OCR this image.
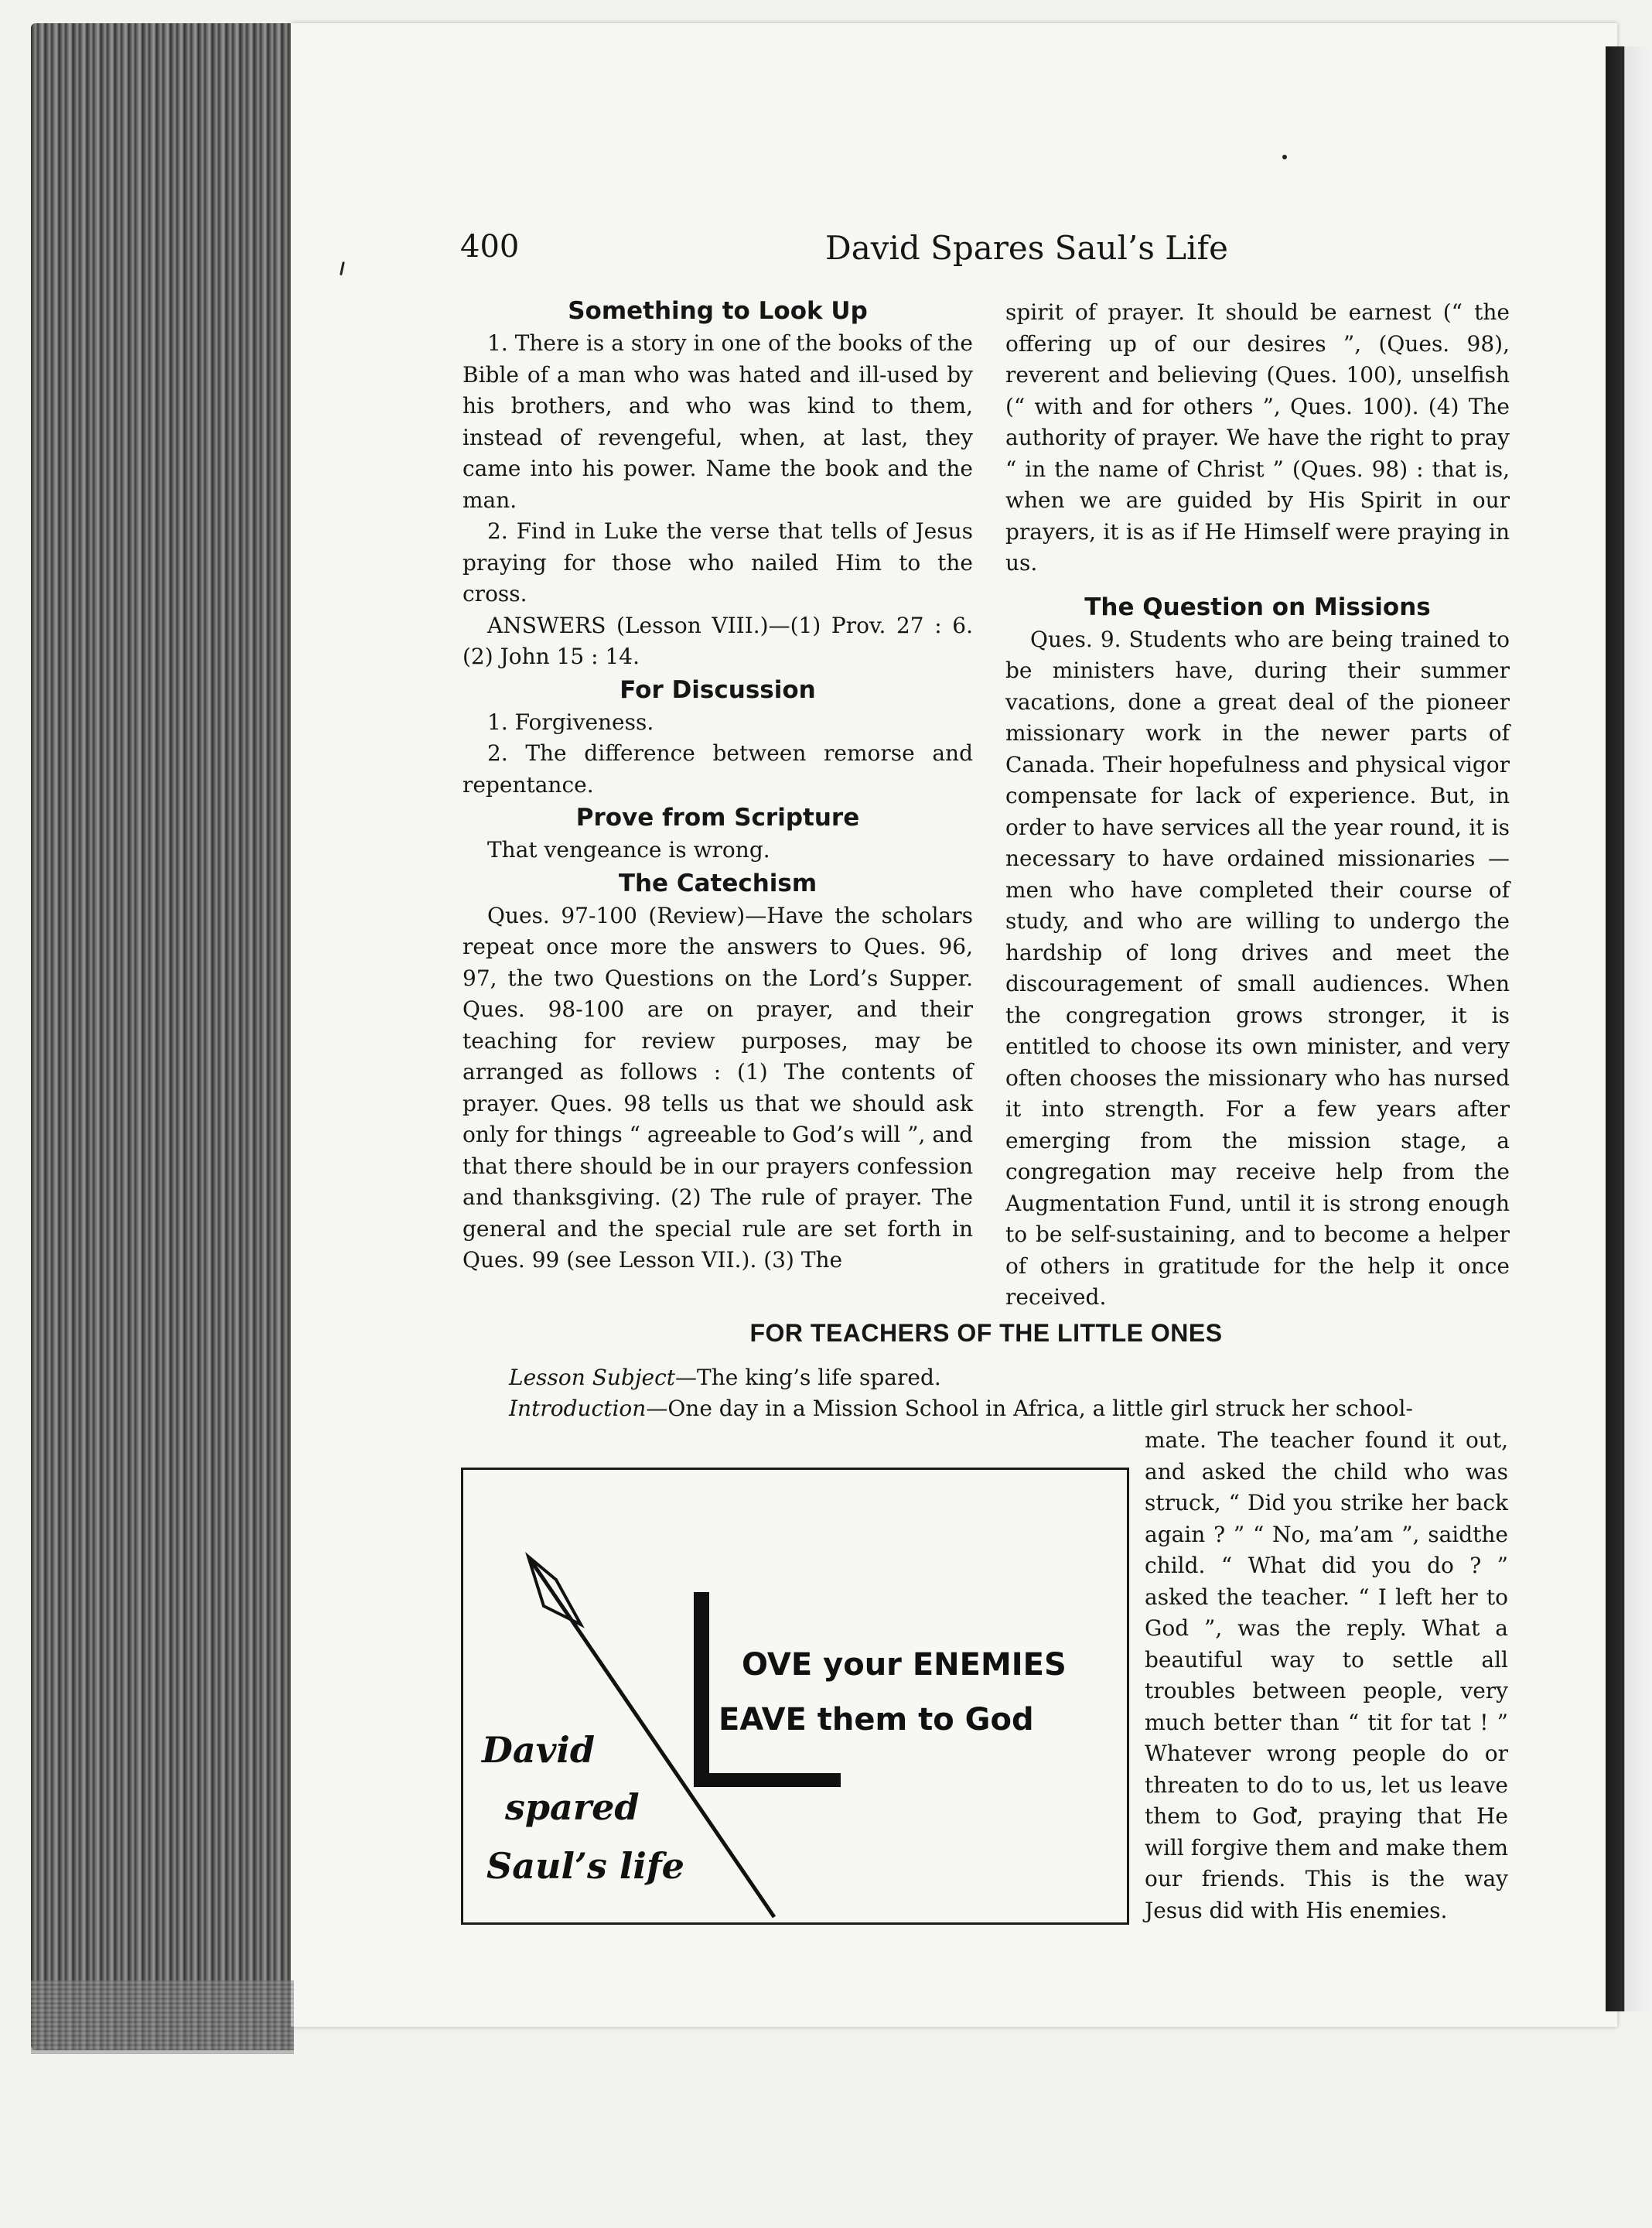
400	David Spares Saul’s Life
Something to Look Up

1. There is a story in one of the books of the Bible of a man who was hated and ill-used by his brothers, and who was kind to them, instead of revengeful, when, at last, they came into his power. Name the book and the man.

2. Find in Luke the verse that tells of Jesus praying for those who nailed Him to the cross.

ANSWERS (Lesson VIII.)—(1) Prov. 27 : 6. (2) John 15 : 14.

For Discussion

1. Forgiveness.

2. The difference between remorse and repentance.

Prove from Scripture

That vengeance is wrong.

The Catechism

Ques. 97-100 (Review)—Have the scholars repeat once more the answers to Ques. 96, 97, the two Questions on the Lord’s Supper. Ques. 98-100 are on prayer, and their teaching for review purposes, may be arranged as follows : (1) The contents of prayer. Ques. 98 tells us that we should ask only for things “ agreeable to God’s will ”, and that there should be in our prayers confession and thanksgiving. (2) The rule of prayer. The general and the special rule are set forth in Ques. 99 (see Lesson VII.). (3) The

spirit of prayer. It should be earnest (“ the offering up of our desires ”, (Ques. 98), reverent and believing (Ques. 100), unselfish (“ with and for others ”, Ques. 100). (4) The authority of prayer. We have the right to pray “ in the name of Christ ” (Ques. 98) : that is, when we are guided by His Spirit in our prayers, it is as if He Himself were praying in us.

The Question on Missions

Ques. 9. Students who are being trained to be ministers have, during their summer vacations, done a great deal of the pioneer missionary work in the newer parts of Canada. Their hopefulness and physical vigor compensate for lack of experience. But, in order to have services all the year round, it is necessary to have ordained missionaries —men who have completed their course of study, and who are willing to undergo the hardship of long drives and meet the discouragement of small audiences. When the congregation grows stronger, it is entitled to choose its own minister, and very often chooses the missionary who has nursed it into strength. For a few years after emerging from the mission stage, a congregation may receive help from the Augmentation Fund, until it is strong enough to be self-sustaining, and to become a helper of others in gratitude for the help it once received.

FOR TEACHERS OF THE LITTLE ONES
Lesson Subject—The king’s life spared.
Introduction—One day in a Mission School in Africa, a little girl struck her school-
mate. The teacher found it out, and asked the child who was struck, “ Did you strike her back again ? ” “ No, ma’am ”, saidthe child. “ What did you do ? ” asked the teacher. “ I left her to God ”, was the reply. What a beautiful way to settle all troubles between people, very much better than “ tit for tat ! ” Whatever wrong people do or threaten to do to us, let us leave them to God, praying that He will forgive them and make them our friends. This is the way Jesus did with His enemies.
OVE your ENEMIES
EAVE them to God
David
spared
Saul’s life
